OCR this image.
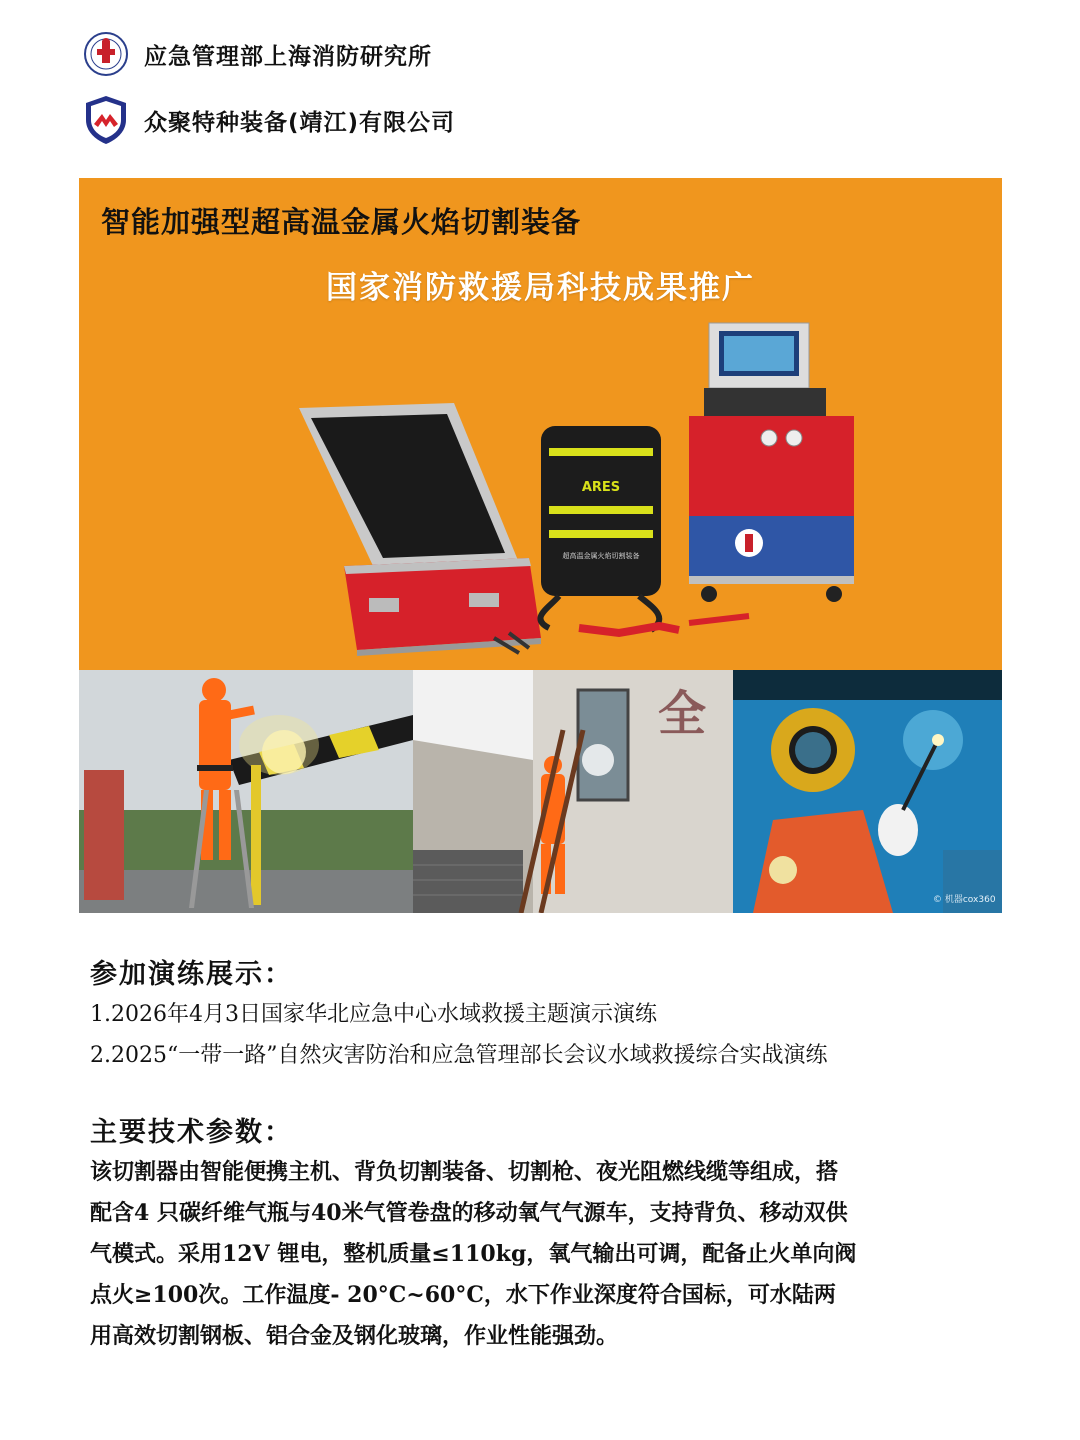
应急管理部上海消防研究所
众聚特种装备(靖江)有限公司
智能加强型超高温金属火焰切割装备
国家消防救援局科技成果推广
ARES
超高温金属火焰切割装备
全
© 机器cox360
参加演练展示：
1.2026年4月3日国家华北应急中心水域救援主题演示演练
2.2025“一带一路”自然灾害防治和应急管理部长会议水域救援综合实战演练
主要技术参数：
该切割器由智能便携主机、背负切割装备、切割枪、夜光阻燃线缆等组成，搭
配含4 只碳纤维气瓶与40米气管卷盘的移动氧气气源车，支持背负、移动双供
气模式。采用12V 锂电，整机质量≤110kg，氧气输出可调，配备止火单向阀
点火≥100次。工作温度- 20°C~60°C，水下作业深度符合国标，可水陆两
用高效切割钢板、铝合金及钢化玻璃，作业性能强劲。
